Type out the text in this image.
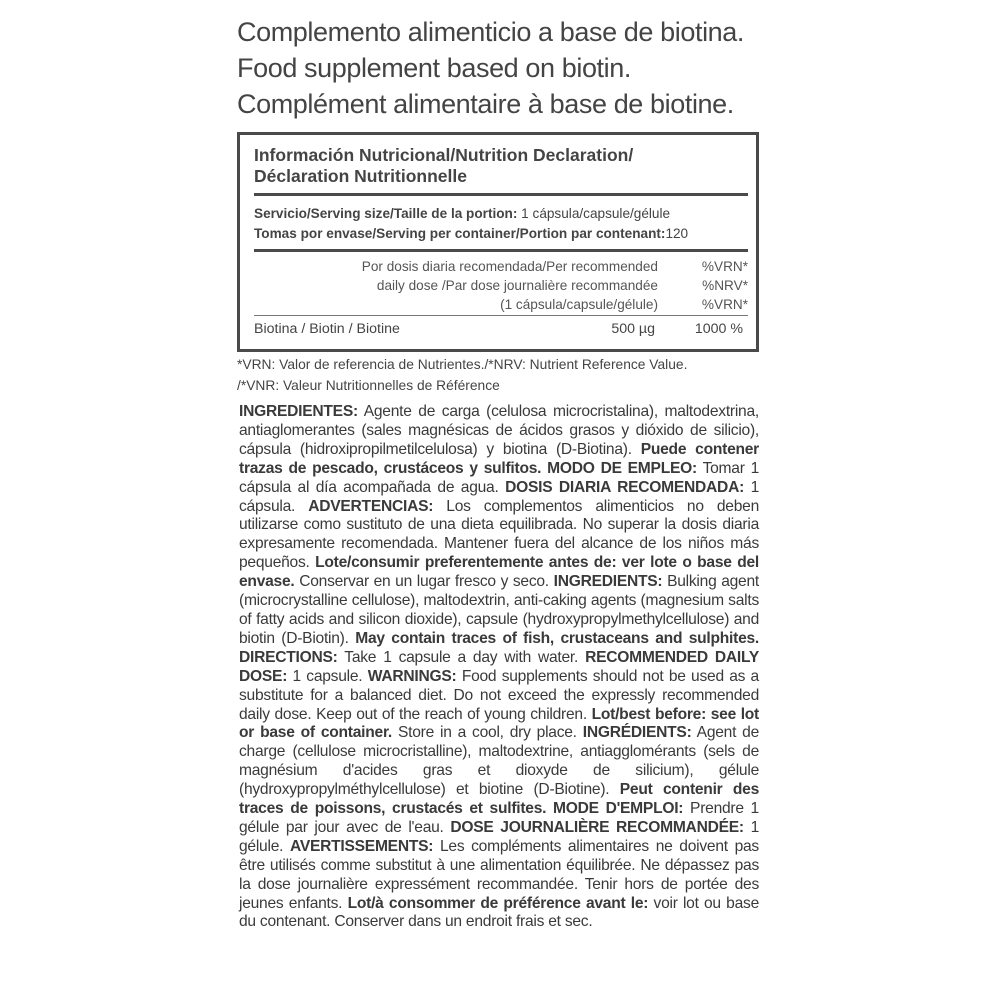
Complemento alimenticio a base de biotina.
Food supplement based on biotin.
Complément alimentaire à base de biotine.
Información Nutricional/Nutrition Declaration/
Déclaration Nutritionnelle
Servicio/Serving size/Taille de la portion: 1 cápsula/capsule/gélule
Tomas por envase/Serving per container/Portion par contenant:120
Por dosis diaria recomendada/Per recommended
daily dose /Par dose journalière recommandée
(1 cápsula/capsule/gélule)
%VRN*
%NRV*
%VRN*
Biotina / Biotin / Biotine	500 µg	1000 %
*VRN: Valor de referencia de Nutrientes./*NRV: Nutrient Reference Value.
/*VNR: Valeur Nutritionnelles de Référence
INGREDIENTES: Agente de carga (celulosa microcristalina), maltodextrina, antiaglomerantes (sales magnésicas de ácidos grasos y dióxido de silicio), cápsula (hidroxipropilmetilcelulosa) y biotina (D-Biotina). Puede contener trazas de pescado, crustáceos y sulfitos. MODO DE EMPLEO: Tomar 1 cápsula al día acompañada de agua. DOSIS DIARIA RECOMENDADA: 1 cápsula. ADVERTENCIAS: Los complementos alimenticios no deben utilizarse como sustituto de una dieta equilibrada. No superar la dosis diaria expresamente recomendada. Mantener fuera del alcance de los niños más pequeños. Lote/consumir preferentemente antes de: ver lote o base del envase. Conservar en un lugar fresco y seco. INGREDIENTS: Bulking agent (microcrystalline cellulose), maltodextrin, anti-caking agents (magnesium salts of fatty acids and silicon dioxide), capsule (hydroxypropylmethylcellulose) and biotin (D-Biotin). May contain traces of fish, crustaceans and sulphites. DIRECTIONS: Take 1 capsule a day with water. RECOMMENDED DAILY DOSE: 1 capsule. WARNINGS: Food supplements should not be used as a substitute for a balanced diet. Do not exceed the expressly recommended daily dose. Keep out of the reach of young children. Lot/best before: see lot or base of container. Store in a cool, dry place. INGRÉDIENTS: Agent de charge (cellulose microcristalline), maltodextrine, antiagglomérants (sels de magnésium d'acides gras et dioxyde de silicium), gélule (hydroxypropylméthylcellulose) et biotine (D-Biotine). Peut contenir des traces de poissons, crustacés et sulfites. MODE D'EMPLOI: Prendre 1 gélule par jour avec de l'eau. DOSE JOURNALIÈRE RECOMMANDÉE: 1 gélule. AVERTISSEMENTS: Les compléments alimentaires ne doivent pas être utilisés comme substitut à une alimentation équilibrée. Ne dépassez pas la dose journalière expressément recommandée. Tenir hors de portée des jeunes enfants. Lot/à consommer de préférence avant le: voir lot ou base du contenant. Conserver dans un endroit frais et sec.
